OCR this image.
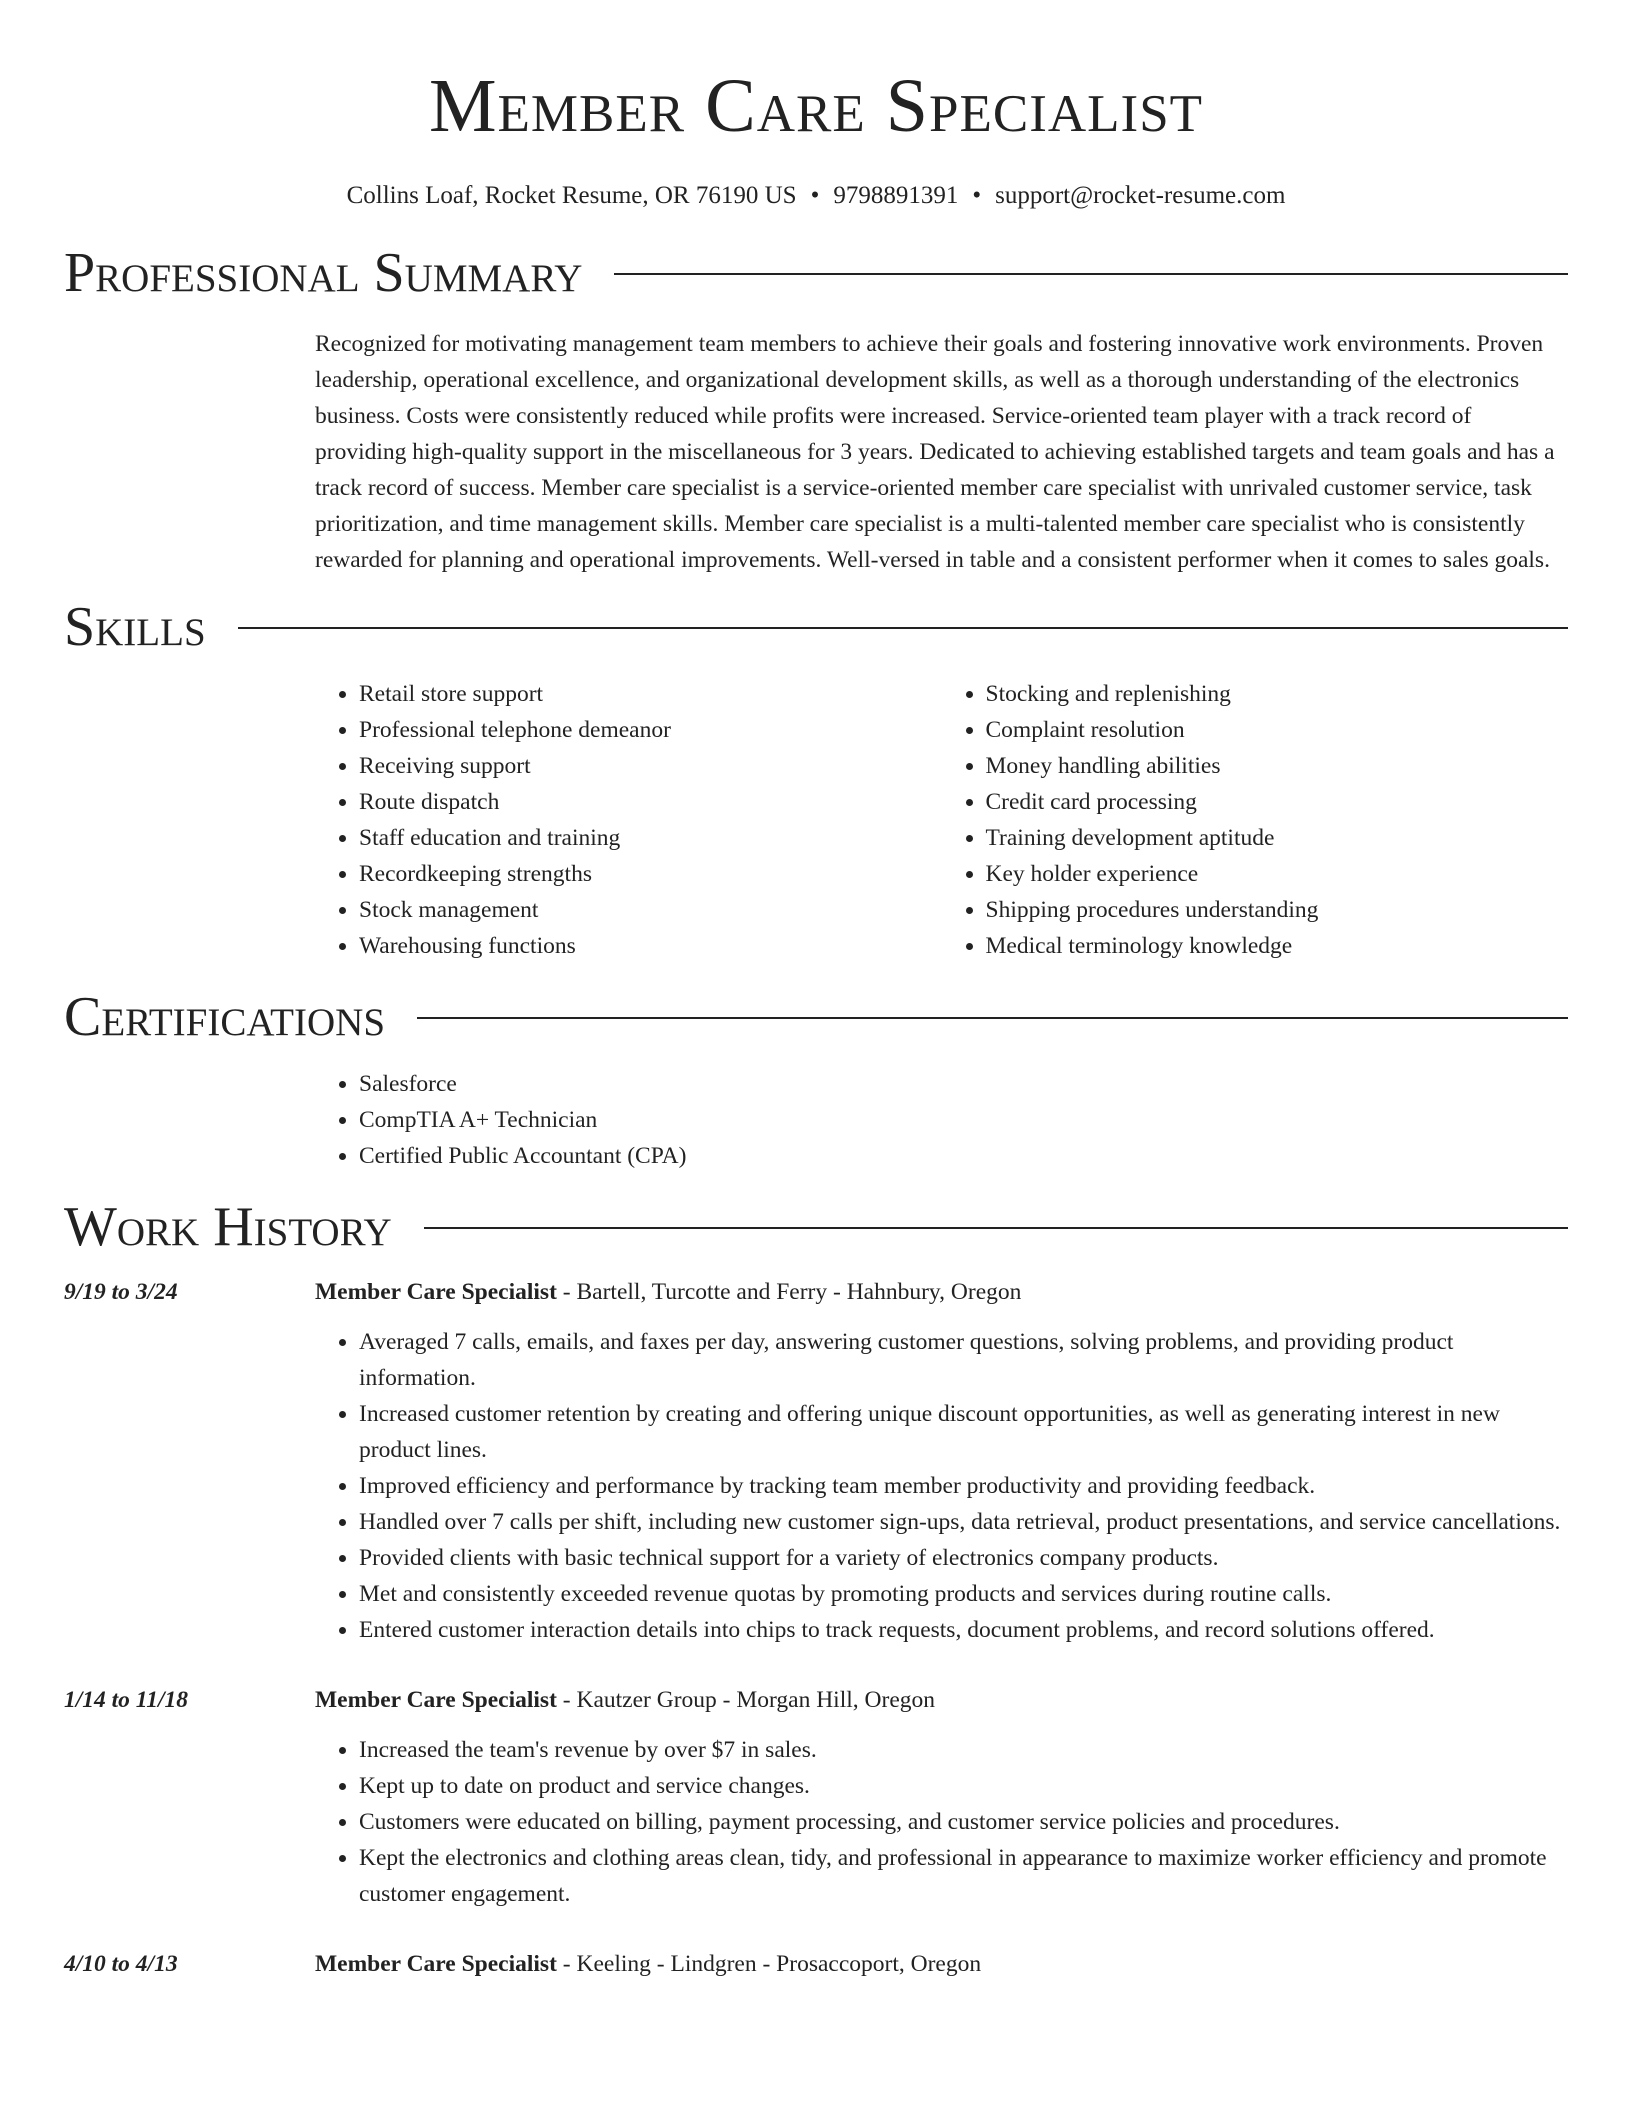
Member Care Specialist
Collins Loaf, Rocket Resume, OR 76190 US • 9798891391 • support@rocket-resume.com
Professional Summary
Recognized for motivating management team members to achieve their goals and fostering innovative work environments. Proven leadership, operational excellence, and organizational development skills, as well as a thorough understanding of the electronics business. Costs were consistently reduced while profits were increased. Service-oriented team player with a track record of providing high-quality support in the miscellaneous for 3 years. Dedicated to achieving established targets and team goals and has a track record of success. Member care specialist is a service-oriented member care specialist with unrivaled customer service, task prioritization, and time management skills. Member care specialist is a multi-talented member care specialist who is consistently rewarded for planning and operational improvements. Well-versed in table and a consistent performer when it comes to sales goals.
Skills
• Retail store support
• Professional telephone demeanor
• Receiving support
• Route dispatch
• Staff education and training
• Recordkeeping strengths
• Stock management
• Warehousing functions
• Stocking and replenishing
• Complaint resolution
• Money handling abilities
• Credit card processing
• Training development aptitude
• Key holder experience
• Shipping procedures understanding
• Medical terminology knowledge
Certifications
• Salesforce
• CompTIA A+ Technician
• Certified Public Accountant (CPA)
Work History
9/19 to 3/24	Member Care Specialist - Bartell, Turcotte and Ferry - Hahnbury, Oregon
• Averaged 7 calls, emails, and faxes per day, answering customer questions, solving problems, and providing product information.
• Increased customer retention by creating and offering unique discount opportunities, as well as generating interest in new product lines.
• Improved efficiency and performance by tracking team member productivity and providing feedback.
• Handled over 7 calls per shift, including new customer sign-ups, data retrieval, product presentations, and service cancellations.
• Provided clients with basic technical support for a variety of electronics company products.
• Met and consistently exceeded revenue quotas by promoting products and services during routine calls.
• Entered customer interaction details into chips to track requests, document problems, and record solutions offered.
1/14 to 11/18	Member Care Specialist - Kautzer Group - Morgan Hill, Oregon
• Increased the team's revenue by over $7 in sales.
• Kept up to date on product and service changes.
• Customers were educated on billing, payment processing, and customer service policies and procedures.
• Kept the electronics and clothing areas clean, tidy, and professional in appearance to maximize worker efficiency and promote customer engagement.
4/10 to 4/13	Member Care Specialist - Keeling - Lindgren - Prosaccoport, Oregon
